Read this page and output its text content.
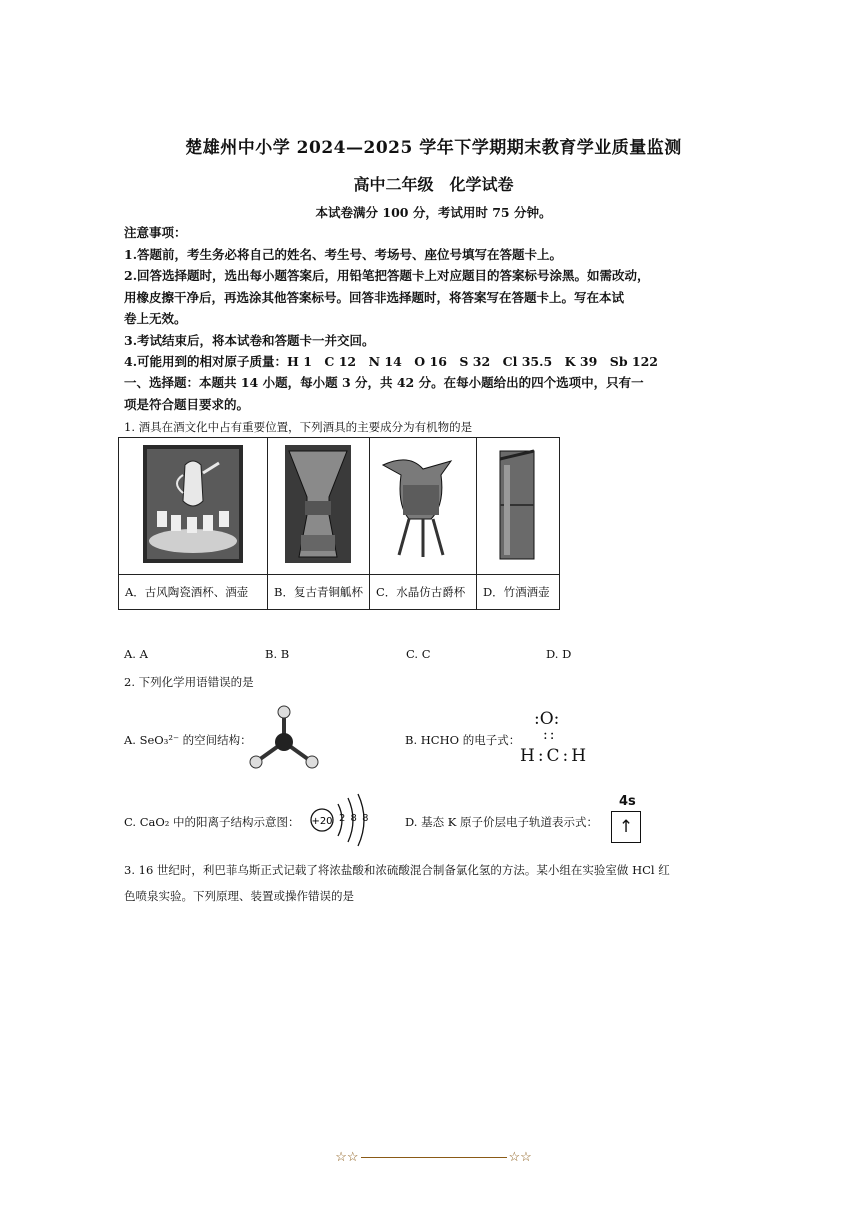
楚雄州中小学 2024—2025 学年下学期期末教育学业质量监测
高中二年级　化学试卷
本试卷满分 100 分，考试用时 75 分钟。
注意事项：
1.答题前，考生务必将自己的姓名、考生号、考场号、座位号填写在答题卡上。
2.回答选择题时，选出每小题答案后，用铅笔把答题卡上对应题目的答案标号涂黑。如需改动，
用橡皮擦干净后，再选涂其他答案标号。回答非选择题时，将答案写在答题卡上。写在本试
卷上无效。
3.考试结束后，将本试卷和答题卡一并交回。
4.可能用到的相对原子质量：H 1　C 12　N 14　O 16　S 32　Cl 35.5　K 39　Sb 122
一、选择题：本题共 14 小题，每小题 3 分，共 42 分。在每小题给出的四个选项中，只有一
项是符合题目要求的。
1. 酒具在酒文化中占有重要位置，下列酒具的主要成分为有机物的是

A．古风陶瓷酒杯、酒壶	B．复古青铜觚杯	C．水晶仿古爵杯	D．竹酒酒壶
A. A	B. B	C. C	D. D
2. 下列化学用语错误的是
A. SeO₃²⁻ 的空间结构：	B. HCHO 的电子式：
:O:
::
H:C:H
C. CaO₂ 中的阳离子结构示意图： +20 2 8 8	D. 基态 K 原子价层电子轨道表示式：
4s
↑
3. 16 世纪时，利巴菲乌斯正式记载了将浓盐酸和浓硫酸混合制备氯化氢的方法。某小组在实验室做 HCl 红
色喷泉实验。下列原理、装置或操作错误的是
☆☆	☆☆
